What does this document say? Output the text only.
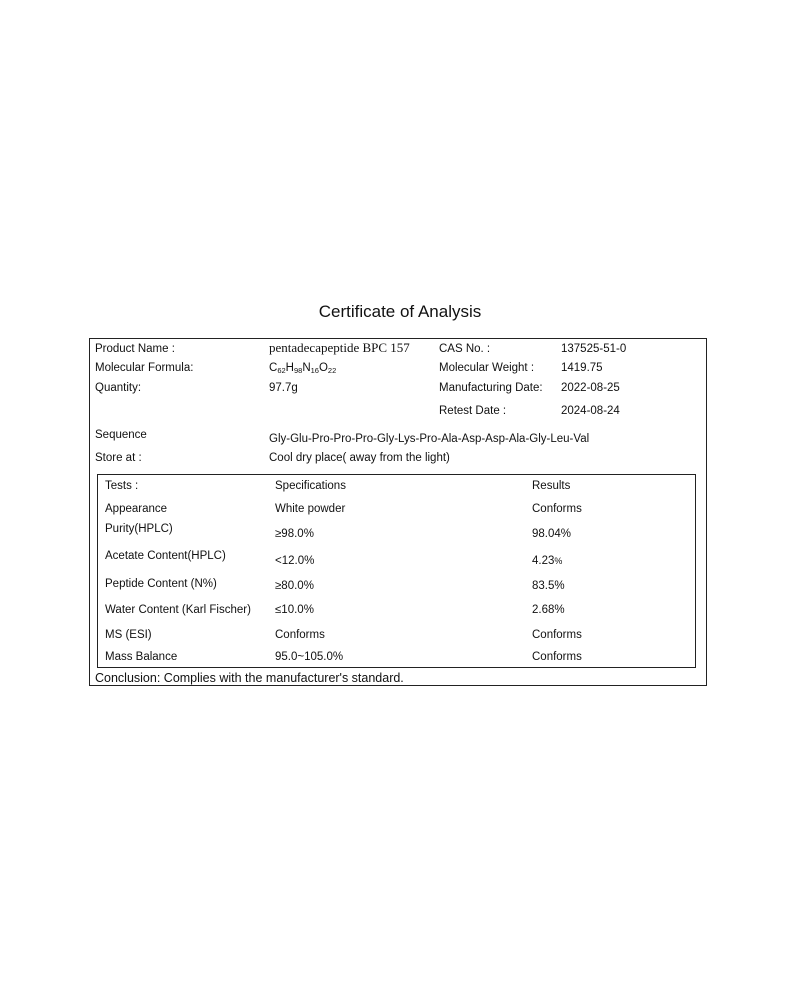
Certificate of Analysis
Product Name :	pentadecapeptide BPC 157	CAS No. :	137525-51-0
Molecular Formula:	$C_{62}H_{98}N_{16}O_{22}$	Molecular Weight : 1419.75
Quantity:	97.7g	Manufacturing Date: 2022-08-25
Retest Date :	2024-08-24
Sequence	Gly-Glu-Pro-Pro-Pro-Gly-Lys-Pro-Ala-Asp-Asp-Ala-Gly-Leu-Val
Store at :	Cool dry place( away from the light)
Tests :	Specifications	Results
Appearance	White powder	Conforms
Purity(HPLC)	≥98.0%	98.04%
Acetate Content(HPLC)	<12.0%	4.23%
Peptide Content (N%)	≥80.0%	83.5%
Water Content (Karl Fischer) ≤10.0%	2.68%
MS (ESI)	Conforms	Conforms
Mass Balance	95.0~105.0%	Conforms
Conclusion: Complies with the manufacturer's standard.
